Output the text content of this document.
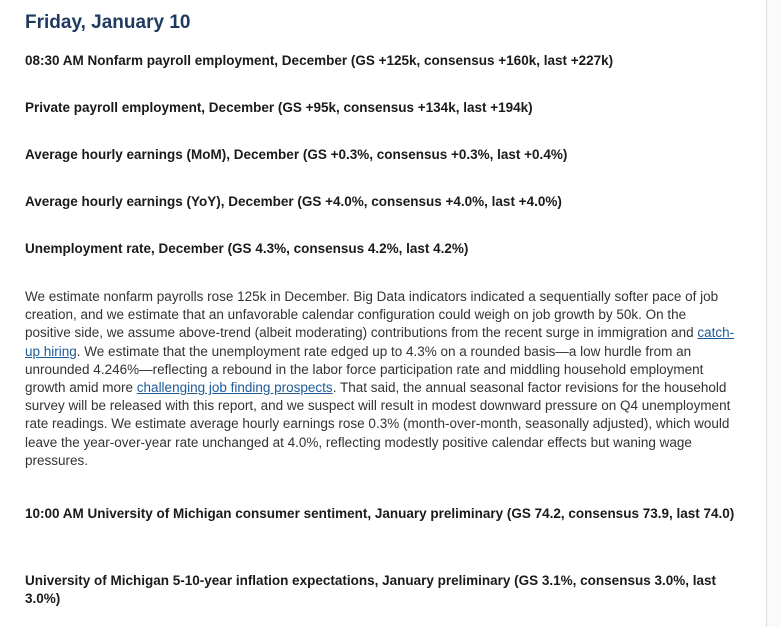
Friday, January 10

08:30 AM Nonfarm payroll employment, December (GS +125k, consensus +160k, last +227k)

Private payroll employment, December (GS +95k, consensus +134k, last +194k)

Average hourly earnings (MoM), December (GS +0.3%, consensus +0.3%, last +0.4%)

Average hourly earnings (YoY), December (GS +4.0%, consensus +4.0%, last +4.0%)

Unemployment rate, December (GS 4.3%, consensus 4.2%, last 4.2%)

We estimate nonfarm payrolls rose 125k in December. Big Data indicators indicated a sequentially softer pace of job creation, and we estimate that an unfavorable calendar configuration could weigh on job growth by 50k. On the positive side, we assume above-trend (albeit moderating) contributions from the recent surge in immigration and catch-up hiring. We estimate that the unemployment rate edged up to 4.3% on a rounded basis—a low hurdle from an unrounded 4.246%—reflecting a rebound in the labor force participation rate and middling household employment growth amid more challenging job finding prospects. That said, the annual seasonal factor revisions for the household survey will be released with this report, and we suspect will result in modest downward pressure on Q4 unemployment rate readings. We estimate average hourly earnings rose 0.3% (month-over-month, seasonally adjusted), which would leave the year-over-year rate unchanged at 4.0%, reflecting modestly positive calendar effects but waning wage pressures.

10:00 AM University of Michigan consumer sentiment, January preliminary (GS 74.2, consensus 73.9, last 74.0)

University of Michigan 5-10-year inflation expectations, January preliminary (GS 3.1%, consensus 3.0%, last 3.0%)
